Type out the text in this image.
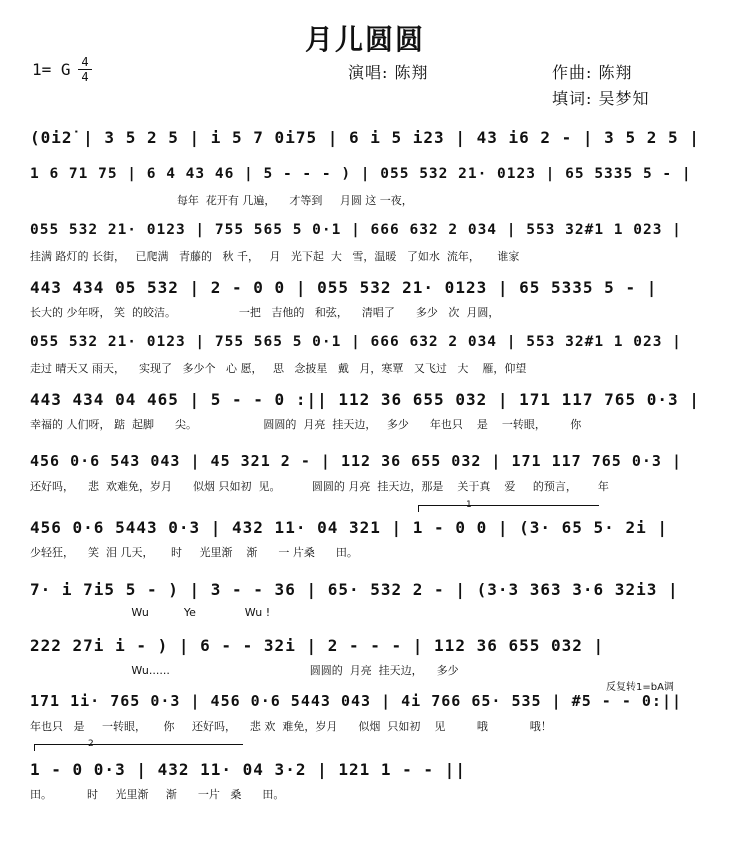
月儿圆圆
1= G 4
4	演唱: 陈翔	作曲: 陈翔
填词: 吴梦知
(0i2̇ | 3 5 2 5 | i 5 7 0i75 | 6 i 5 i23 | 43 i6 2 - | 3 5 2 5 |
1 6 71 75 | 6 4 43 46 | 5 - - - ) | 055 532 21· 0123 | 65 5335 5 - |
每年  花开有 几遍，    才等到     月圆 这 一夜，
055 532 21· 0123 | 755 565 5 0·1 | 666 632 2 034 | 553 32#1 1 023 |
挂满 路灯的 长街，   已爬满   青藤的   秋 千，   月   光下起  大   雪，温暖   了如水  流年，     谁家
443 434 05 532 | 2 - 0 0 | 055 532 21· 0123 | 65 5335 5 - |
长大的 少年呀， 笑  的皎洁。                  一把   吉他的   和弦，    清唱了      多少   次  月圆，
055 532 21· 0123 | 755 565 5 0·1 | 666 632 2 034 | 553 32#1 1 023 |
走过 晴天又 雨天，    实现了   多少个   心 愿，   思   念披星   戴   月，寒覃   又飞过   大    雁，仰望
443 434 04 465 | 5 - - 0 :|| 112 36 655 032 | 171 117 765 0·3 |
幸福的 人们呀， 踮  起脚      尖。                   圆圆的  月亮  挂天边，   多少      年也只    是    一转眼，       你
456 0·6 543 043 | 45 321 2 - | 112 36 655 032 | 171 117 765 0·3 |
还好吗，    悲  欢难免，岁月      似烟 只如初  见。         圆圆的 月亮  挂天边，那是    关于真    爱     的预言，      年
456 0·6 5443 0·3 | 432 11· 04 321 | 1 - 0 0 | (3· 65 5· 2i |
少轻狂，    笑  泪 几天，     时     光里渐    渐      一 片桑      田。
7· i 7i5 5 - ) | 3 - - 36 | 65· 532 2 - | (3·3 363 3·6 32i3 |
Wu          Ye              Wu !
222 27i i - ) | 6 - - 32i | 2 - - - | 112 36 655 032 |
Wu......                                        圆圆的  月亮  挂天边，    多少
171 1i· 765 0·3 | 456 0·6 5443 043 | 4i 766 65· 535 | #5 - - 0:||
年也只   是     一转眼，     你     还好吗，    悲 欢  难免，岁月      似烟  只如初    见         哦            哦！
1 - 0 0·3 | 432 11· 04 3·2 | 121 1 - - ||
田。          时     光里渐     渐      一片   桑      田。
1
2
反复转1=bA调
